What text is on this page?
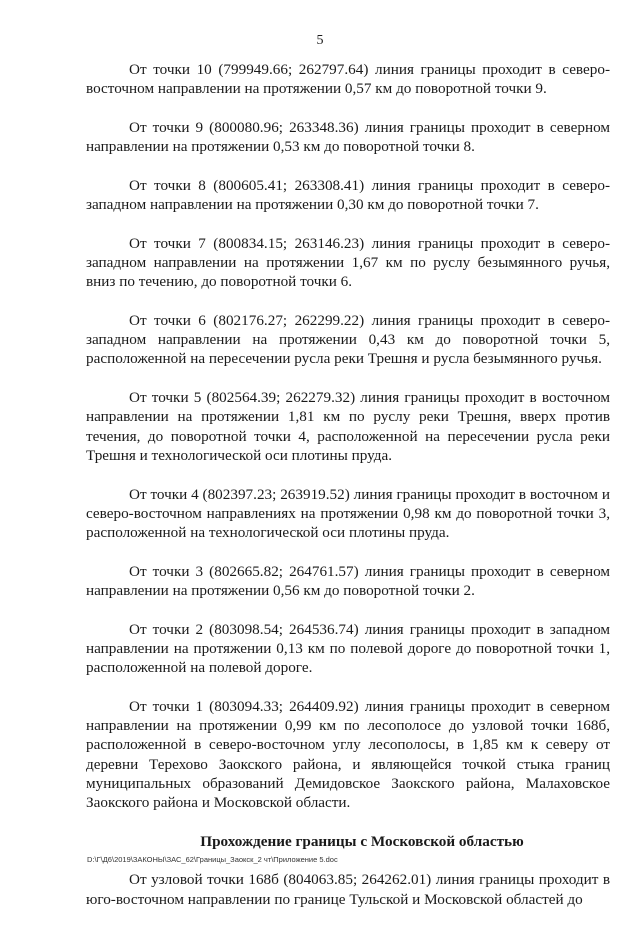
5

От точки 10 (799949.66; 262797.64) линия границы проходит в северо-восточном направлении на протяжении 0,57 км до поворотной точки 9.

От точки 9 (800080.96; 263348.36) линия границы проходит в северном направлении на протяжении 0,53 км до поворотной точки 8.

От точки 8 (800605.41; 263308.41) линия границы проходит в северо-западном направлении на протяжении 0,30 км до поворотной точки 7.

От точки 7 (800834.15; 263146.23) линия границы проходит в северо-западном направлении на протяжении 1,67 км по руслу безымянного ручья, вниз по течению, до поворотной точки 6.

От точки 6 (802176.27; 262299.22) линия границы проходит в северо-западном направлении на протяжении 0,43 км до поворотной точки 5, расположенной на пересечении русла реки Трешня и русла безымянного ручья.

От точки 5 (802564.39; 262279.32) линия границы проходит в восточном направлении на протяжении 1,81 км по руслу реки Трешня, вверх против течения, до поворотной точки 4, расположенной на пересечении русла реки Трешня и технологической оси плотины пруда.

От точки 4 (802397.23; 263919.52) линия границы проходит в восточном и северо-восточном направлениях на протяжении 0,98 км до поворотной точки 3, расположенной на технологической оси плотины пруда.

От точки 3 (802665.82; 264761.57) линия границы проходит в северном направлении на протяжении 0,56 км до поворотной точки 2.

От точки 2 (803098.54; 264536.74) линия границы проходит в западном направлении на протяжении 0,13 км по полевой дороге до поворотной точки 1, расположенной на полевой дороге.

От точки 1 (803094.33; 264409.92) линия границы проходит в северном направлении на протяжении 0,99 км по лесополосе до узловой точки 168б, расположенной в северо-восточном углу лесополосы, в 1,85 км к северу от деревни Терехово Заокского района, и являющейся точкой стыка границ муниципальных образований Демидовское Заокского района, Малаховское Заокского района и Московской области.

Прохождение границы с Московской областью

От узловой точки 168б (804063.85; 264262.01) линия границы проходит в юго-восточном направлении по границе Тульской и Московской областей до

D:\Г\Д6\2019\ЗАКОНЫ\ЗАС_62\Границы_Заокск_2 чт\Приложение 5.doc
